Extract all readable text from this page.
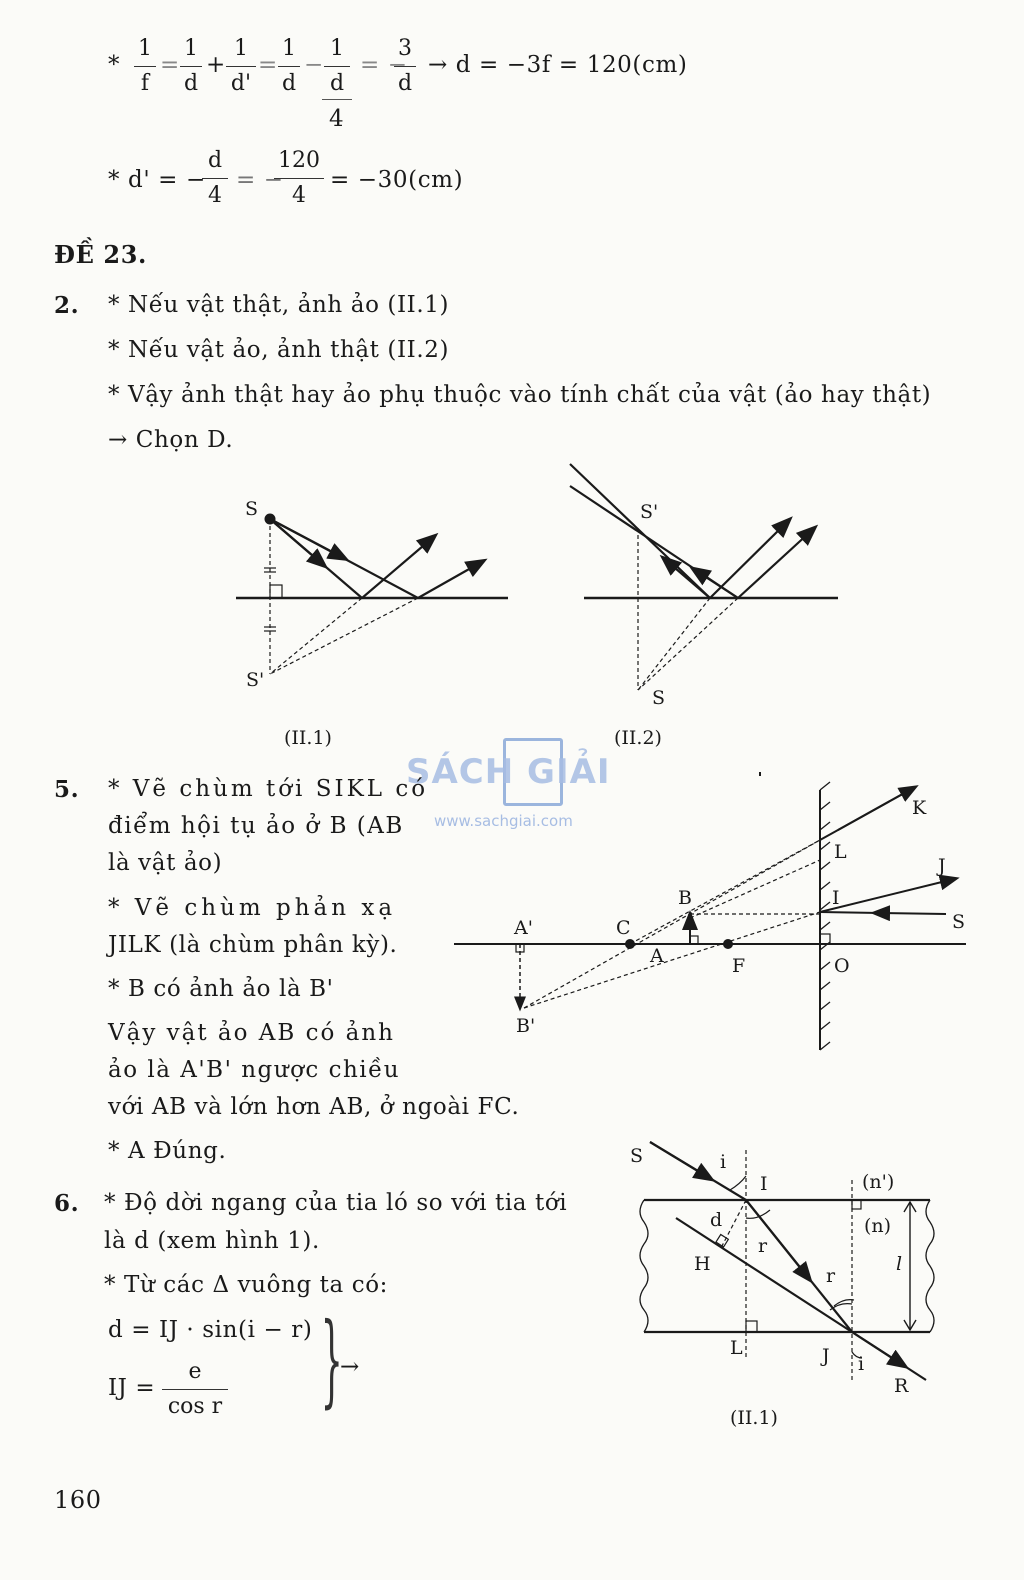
*
1
f
=
1
d
+
1
d'
=
1
d
−
1
d
4
= −
3
d
→ d = −3f = 120(cm)
* d' = −
d
4
= −
120
4
= −30(cm)
ĐỀ 23.
2. * Nếu vật thật, ảnh ảo (II.1)
* Nếu vật ảo, ảnh thật (II.2)
* Vậy ảnh thật hay ảo phụ thuộc vào tính chất của vật (ảo hay thật)
→ Chọn D.
SÁCH GIẢI
www.sachgiai.com
5. * Vẽ chùm tới SIKL có
điểm hội tụ ảo ở B (AB
là vật ảo)
* Vẽ chùm phản xạ
JILK (là chùm phân kỳ).
* B có ảnh ảo là B'
Vậy vật ảo AB có ảnh
ảo là A'B' ngược chiều
với AB và lớn hơn AB, ở ngoài FC.
* A Đúng.
6. * Độ dời ngang của tia ló so với tia tới
là d (xem hình 1).
* Từ các Δ vuông ta có:
d = IJ · sin(i − r)
IJ =
e
cos r }
→
160
S
S'
(II.1)
S'
S
(II.2)
K
L
J
I
S
B
C
A	F	O
A'
B'
S	i
I	(n')
(n)
d
r
H
r
l
L	J i
R
(II.1)
